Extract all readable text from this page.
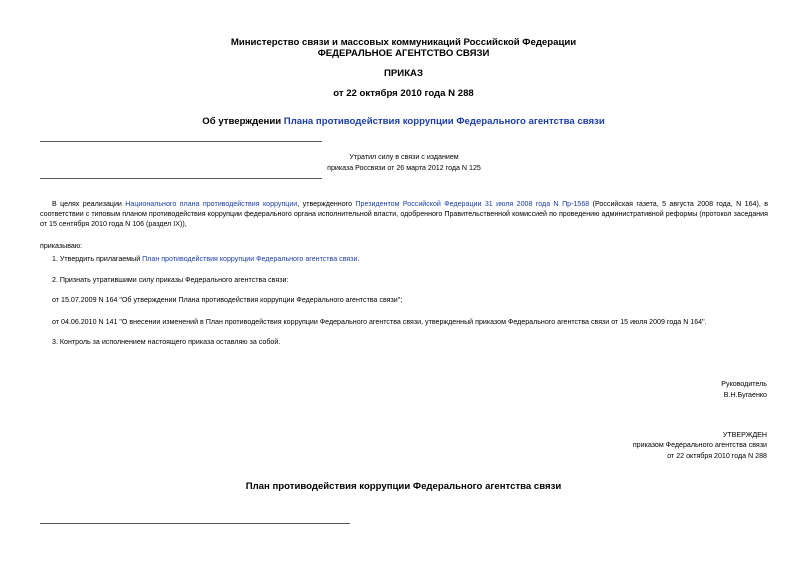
Министерство связи и массовых коммуникаций Российской Федерации
ФЕДЕРАЛЬНОЕ АГЕНТСТВО СВЯЗИ
ПРИКАЗ
от 22 октября 2010 года N 288
Об утверждении Плана противодействия коррупции Федерального агентства связи
Утратил силу в связи с изданием
приказа Россвязи от 26 марта 2012 года N 125
В целях реализации Национального плана противодействия коррупции, утвержденного Президентом Российской Федерации 31 июля 2008 года N Пр-1568 (Российская газета, 5 августа 2008 года, N 164), в соответствии с типовым планом противодействия коррупции федерального органа исполнительной власти, одобренного Правительственной комиссией по проведению административной реформы (протокол заседания от 15 сентября 2010 года N 106 (раздел IX)),
приказываю:
1. Утвердить прилагаемый План противодействия коррупции Федерального агентства связи.
2. Признать утратившими силу приказы Федерального агентства связи:
от 15.07.2009 N 164 "Об утверждении Плана противодействия коррупции Федерального агентства связи";
от 04.06.2010 N 141 "О внесении изменений в План противодействия коррупции Федерального агентства связи, утвержденный приказом Федерального агентства связи от 15 июля 2009 года N 164".
3. Контроль за исполнением настоящего приказа оставляю за собой.
Руководитель
В.Н.Бугаенко
УТВЕРЖДЕН
приказом Федерального агентства связи
от 22 октября 2010 года N 288
План противодействия коррупции Федерального агентства связи
